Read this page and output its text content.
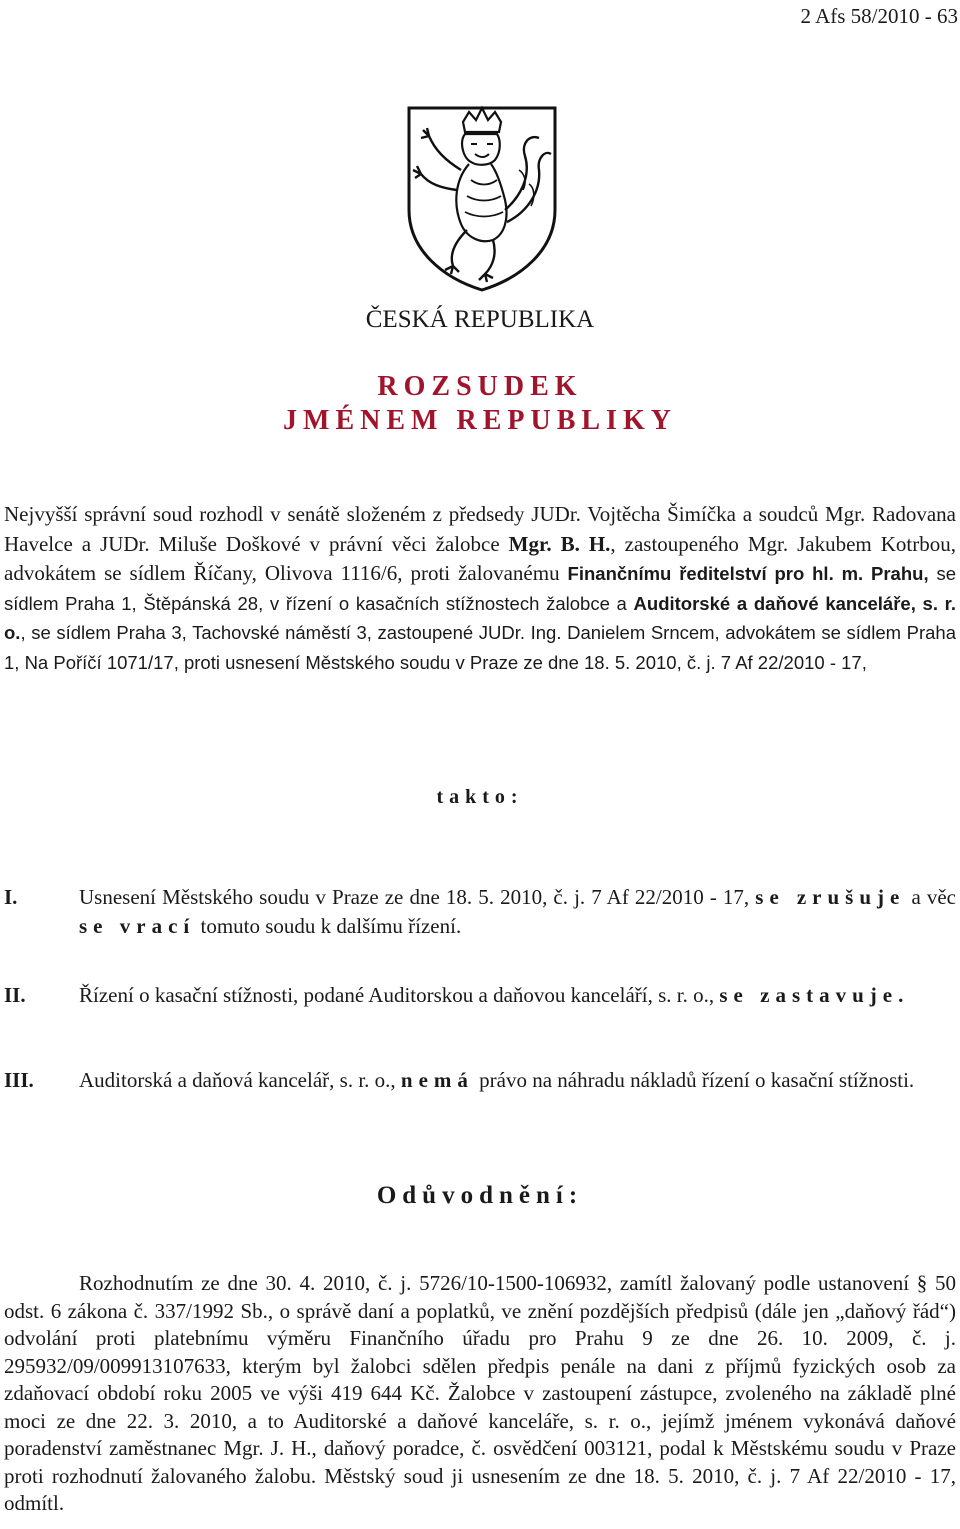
2 Afs 58/2010 - 63
ČESKÁ REPUBLIKA
ROZSUDEK
JMÉNEM REPUBLIKY
Nejvyšší správní soud rozhodl v senátě složeném z předsedy JUDr. Vojtěcha Šimíčka a soudců Mgr. Radovana Havelce a JUDr. Miluše Doškové v právní věci žalobce Mgr. B. H., zastoupeného Mgr. Jakubem Kotrbou, advokátem se sídlem Říčany, Olivova 1116/6, proti žalovanému Finančnímu ředitelství pro hl. m. Prahu, se sídlem Praha 1, Štěpánská 28, v řízení o kasačních stížnostech žalobce a Auditorské a daňové kanceláře, s. r. o., se sídlem Praha 3, Tachovské náměstí 3, zastoupené JUDr. Ing. Danielem Srncem, advokátem se sídlem Praha 1, Na Poříčí 1071/17, proti usnesení Městského soudu v Praze ze dne 18. 5. 2010, č. j. 7 Af 22/2010 - 17,
takto:
I.	Usnesení Městského soudu v Praze ze dne 18. 5. 2010, č. j. 7 Af 22/2010 - 17, se zrušuje a věc se vrací tomuto soudu k dalšímu řízení.
II.	Řízení o kasační stížnosti, podané Auditorskou a daňovou kanceláří, s. r. o., se zastavuje.
III. Auditorská a daňová kancelář, s. r. o., nemá právo na náhradu nákladů řízení o kasační stížnosti.
Odůvodnění:

Rozhodnutím ze dne 30. 4. 2010, č. j. 5726/10-1500-106932, zamítl žalovaný podle ustanovení § 50 odst. 6 zákona č. 337/1992 Sb., o správě daní a poplatků, ve znění pozdějších předpisů (dále jen „daňový řád“) odvolání proti platebnímu výměru Finančního úřadu pro Prahu 9 ze dne 26. 10. 2009, č. j. 295932/09/009913107633, kterým byl žalobci sdělen předpis penále na dani z příjmů fyzických osob za zdaňovací období roku 2005 ve výši 419 644 Kč. Žalobce v zastoupení zástupce, zvoleného na základě plné moci ze dne 22. 3. 2010, a to Auditorské a daňové kanceláře, s. r. o., jejímž jménem vykonává daňové poradenství zaměstnanec Mgr. J. H., daňový poradce, č. osvědčení 003121, podal k Městskému soudu v Praze proti rozhodnutí žalovaného žalobu. Městský soud ji usnesením ze dne 18. 5. 2010, č. j. 7 Af 22/2010 - 17, odmítl.
